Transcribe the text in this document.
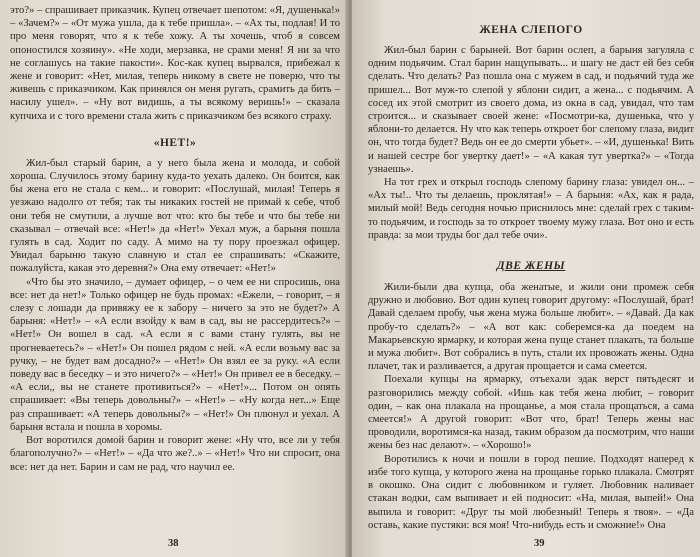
это?» – спрашивает приказчик. Купец отвечает шепотом: «Я, душенька!» – «Зачем?» – «От мужа ушла, да к тебе пришла». – «Ах ты, подлая! И то про меня говорят, что я к тебе хожу. А ты хочешь, чтоб я совсем опоностился хозяину». «Не ходи, мерзавка, не срами меня! Я ни за что не соглашусь на такие пакости». Кос-как купец вырвался, прибежал к жене и говорит: «Нет, милая, теперь никому в свете не поверю, что ты живешь с приказчиком. Как принялся он меня ругать, срамить да бить – насилу ушел». – «Ну вот видишь, а ты всякому веришь!» – сказала купчиха и с того времени стала жить с приказчиком без всякого страху.

«НЕТ!»

Жил-был старый барин, а у него была жена и молода, и собой хороша. Случилось этому барину куда-то уехать далеко. Он боится, как бы жена его не стала с кем... и говорит: «Послушай, милая! Теперь я уезжаю надолго от тебя; так ты никаких гостей не примай к себе, чтоб они тебя не смутили, а лучше вот что: кто бы тебе и что бы тебе ни сказывал – отвечай все: «Нет!» да «Нет!» Уехал муж, а барыня пошла гулять в сад. Ходит по саду. А мимо на ту пору проезжал офицер. Увидал барыню такую славную и стал ее спрашивать: «Скажите, пожалуйста, какая это деревня?» Она ему отвечает: «Нет!»

«Что бы это значило, – думает офицер, – о чем ее ни спросишь, она все: нет да нет!» Только офицер не будь промах: «Ежели, – говорит, – я слезу с лошади да привяжу ее к забору – ничего за это не будет?» А барыня: «Нет!» – «А если взойду к вам в сад, вы не рассердитесь?» – «Нет!» Он вошел в сад. «А если я с вами стану гулять, вы не прогневаетесь?» – «Нет!» Он пошел рядом с ней. «А если возьму вас за ручку, – не будет вам досадно?» – «Нет!» Он взял ее за руку. «А если поведу вас в беседку – и это ничего?» – «Нет!» Он привел ее в беседку. – «А если,, вы не станете противиться?» – «Нет!»... Потом он опять спрашивает: «Вы теперь довольны?» – «Нет!» – «Ну когда нет...» Еще раз спрашивает: «А теперь довольны?» – «Нет!» Он плюнул и уехал. А барыня встала и пошла в хоромы.

Вот воротился домой барин и говорит жене: «Ну что, все ли у тебя благополучно?» – «Нет!» – «Да что же?..» – «Нет!» Что ни спросит, она все: нет да нет. Барин и сам не рад, что научил ее.

38
ЖЕНА СЛЕПОГО

Жил-был барин с барыней. Вот барин ослеп, а барыня загуляла с одним подьячим. Стал барин нащупывать... и шагу не даст ей без себя сделать. Что делать? Раз пошла она с мужем в сад, и подьячий туда же пришел... Вот муж-то слепой у яблони сидит, а жена... с подьячим. А сосед их этой смотрит из своего дома, из окна в сад, увидал, что там строится... и сказывает своей жене: «Посмотри-ка, душенька, что у яблони-то делается. Ну что как теперь откроет бог слепому глаза, видит он, что тогда будет? Ведь он ее до смерти убьет». – «И, душенька! Вить и нашей сестре бог увертку дает!» – «А какая тут увертка?» – «Тогда узнаешь».

На тот грех и открыл господь слепому барину глаза: увидел он... – «Ах ты!.. Что ты делаешь, проклятая!» – А барыня: «Ах, как я рада, милый мой! Ведь сегодня ночью приснилось мне: сделай грех с таким-то подьячим, и господь за то откроет твоему мужу глаза. Вот оно и есть правда: за мои труды бог дал тебе очи».

ДВЕ ЖЕНЫ

Жили-были два купца, оба женатые, и жили они промеж себя дружно и любовно. Вот один купец говорит другому: «Послушай, брат! Давай сделаем пробу, чья жена мужа больше любит». – «Давай. Да как пробу-то сделать?» – «А вот как: соберемся-ка да поедем на Макарьевскую ярмарку, и которая жена пуще станет плакать, та больше и мужа любит». Вот собрались в путь, стали их провожать жены. Одна плачет, так и разливается, а другая прощается и сама смеется.

Поехали купцы на ярмарку, отъехали эдак верст пятьдесят и разговорились между собой. «Ишь как тебя жена любит, – говорит один, – как она плакала на прощанье, а моя стала прощаться, а сама смеется!» А другой говорит: «Вот что, брат! Теперь жены нас проводили, воротимся-ка назад, таким образом да посмотрим, что наши жены без нас делают». – «Хорошо!»

Воротились к ночи и пошли в город пешие. Подходят наперед к избе того купца, у которого жена на прощанье горько плакала. Смотрят в окошко. Она сидит с любовником и гуляет. Любовник наливает стакан водки, сам выпивает и ей подносит: «На, милая, выпей!» Она выпила и говорит: «Друг ты мой любезный! Теперь я твоя». – «Да оставь, какие пустяки: вся моя! Что-нибудь есть и сможние!» Она

39
